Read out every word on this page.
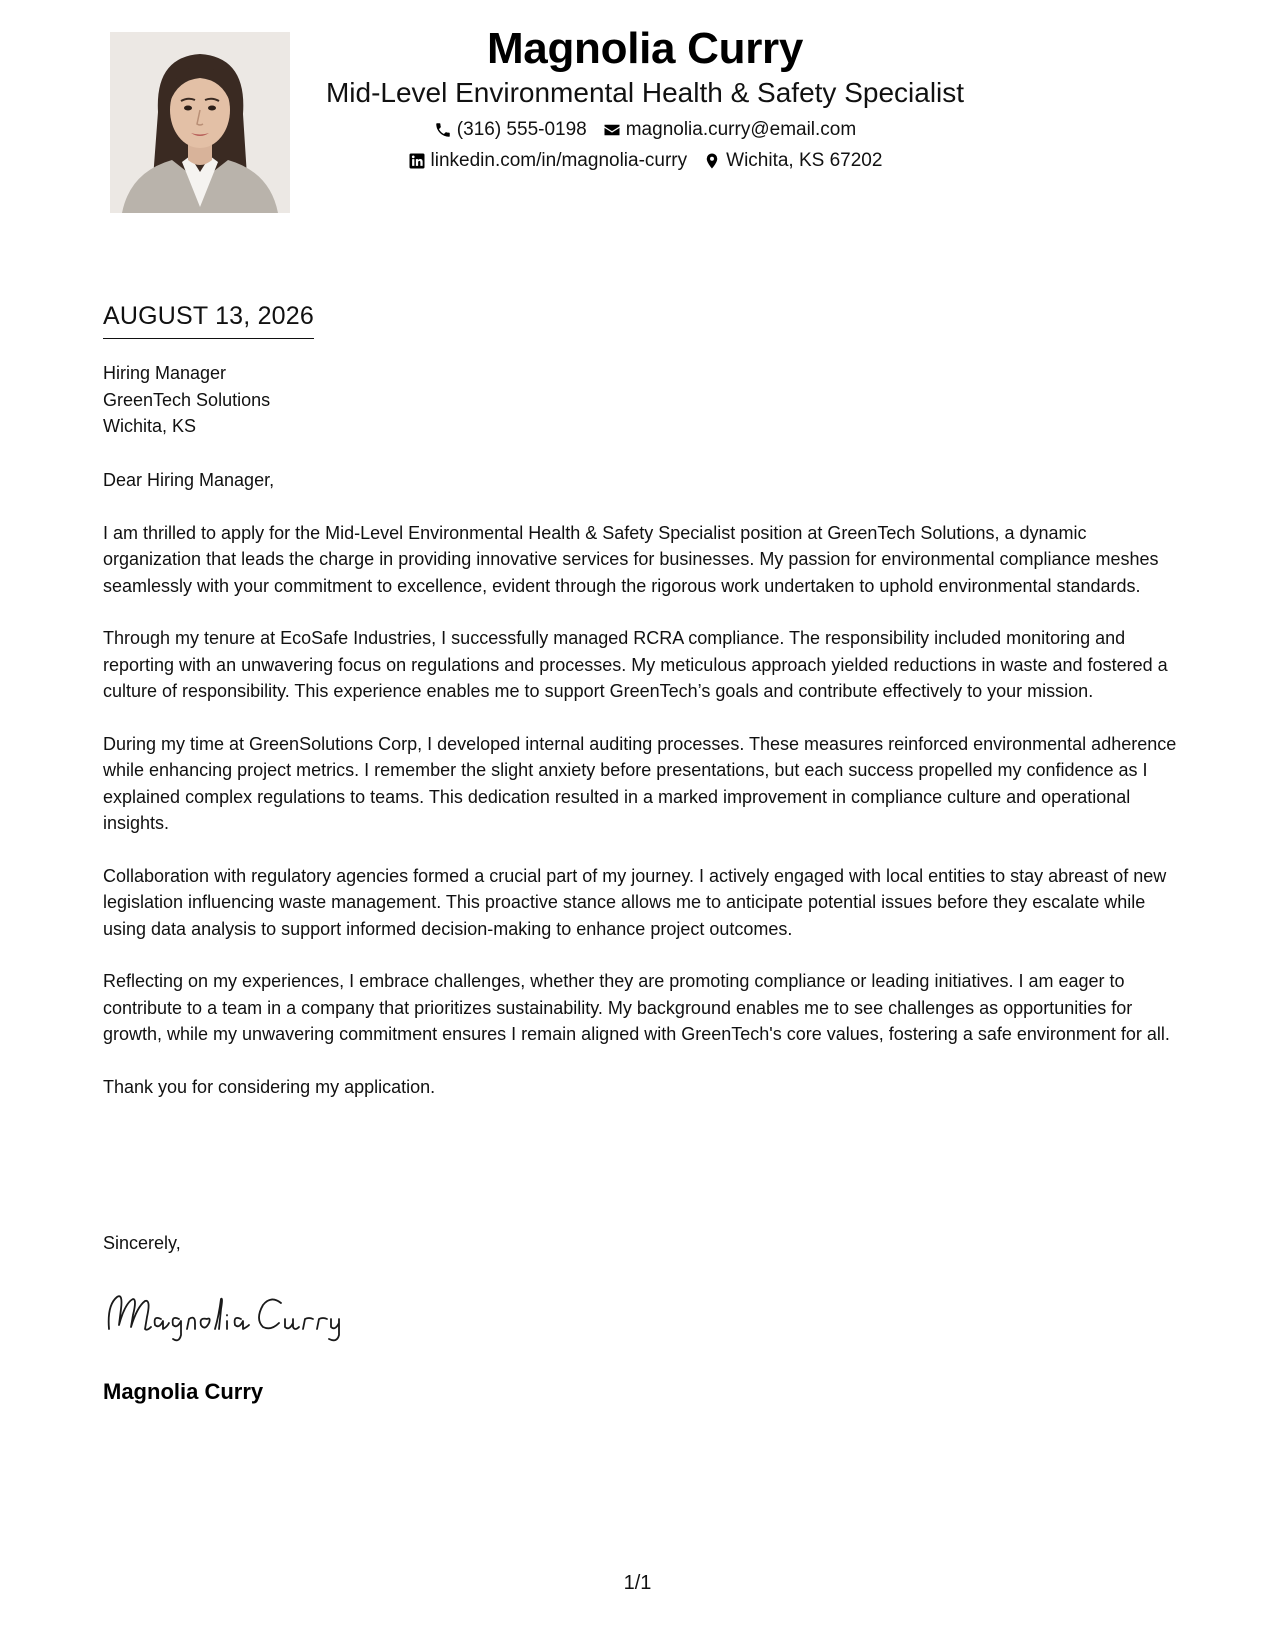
Magnolia Curry
Mid-Level Environmental Health & Safety Specialist
(316) 555-0198 magnolia.curry@email.com
linkedin.com/in/magnolia-curry Wichita, KS 67202
AUGUST 13, 2026
Hiring Manager
GreenTech Solutions
Wichita, KS

Dear Hiring Manager,

I am thrilled to apply for the Mid-Level Environmental Health & Safety Specialist position at GreenTech Solutions, a dynamic organization that leads the charge in providing innovative services for businesses. My passion for environmental compliance meshes seamlessly with your commitment to excellence, evident through the rigorous work undertaken to uphold environmental standards.

Through my tenure at EcoSafe Industries, I successfully managed RCRA compliance. The responsibility included monitoring and reporting with an unwavering focus on regulations and processes. My meticulous approach yielded reductions in waste and fostered a culture of responsibility. This experience enables me to support GreenTech’s goals and contribute effectively to your mission.

During my time at GreenSolutions Corp, I developed internal auditing processes. These measures reinforced environmental adherence while enhancing project metrics. I remember the slight anxiety before presentations, but each success propelled my confidence as I explained complex regulations to teams. This dedication resulted in a marked improvement in compliance culture and operational insights.

Collaboration with regulatory agencies formed a crucial part of my journey. I actively engaged with local entities to stay abreast of new legislation influencing waste management. This proactive stance allows me to anticipate potential issues before they escalate while using data analysis to support informed decision-making to enhance project outcomes.

Reflecting on my experiences, I embrace challenges, whether they are promoting compliance or leading initiatives. I am eager to contribute to a team in a company that prioritizes sustainability. My background enables me to see challenges as opportunities for growth, while my unwavering commitment ensures I remain aligned with GreenTech's core values, fostering a safe environment for all.

Thank you for considering my application.

Sincerely,
Magnolia Curry
1/1
